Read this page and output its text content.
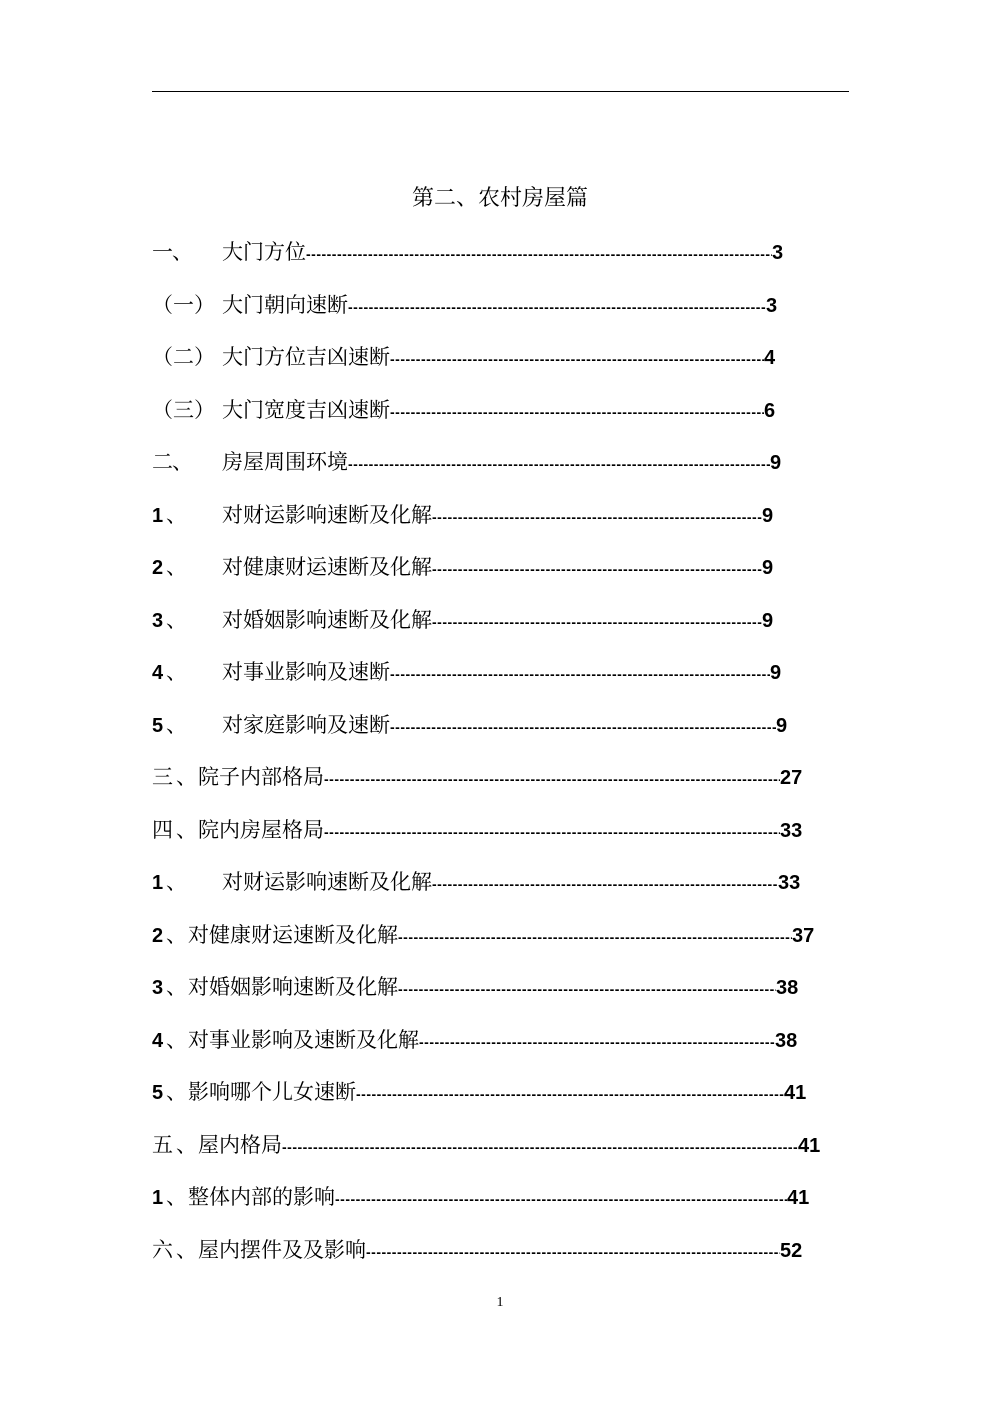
第二、农村房屋篇
一 、	大门方位 -----	3
（一） 大门朝向速断 -----	3
（二） 大门方位吉凶速断 -----	4
（三） 大门宽度吉凶速断 -----	6
二 、	房屋周围环境 -----	9
1 、	对财运影响速断及化解 -----	9
2 、	对健康财运速断及化解 -----	9
3 、	对婚姻影响速断及化解 -----	9
4 、	对事业影响及速断 -----	9
5 、	对家庭影响及速断 -----	9
三 、 院子内部格局 -----	27
四 、 院内房屋格局 -----	33
1 、	对财运影响速断及化解 -----	33
2 、 对健康财运速断及化解 -----	37
3 、 对婚姻影响速断及化解 -----	38
4 、 对事业影响及速断及化解 -----	38
5 、 影响哪个儿女速断 -----	41
五 、 屋内格局 -----	41
1 、 整体内部的影响 -----	41
六 、 屋内摆件及及影响 -----	52
1
